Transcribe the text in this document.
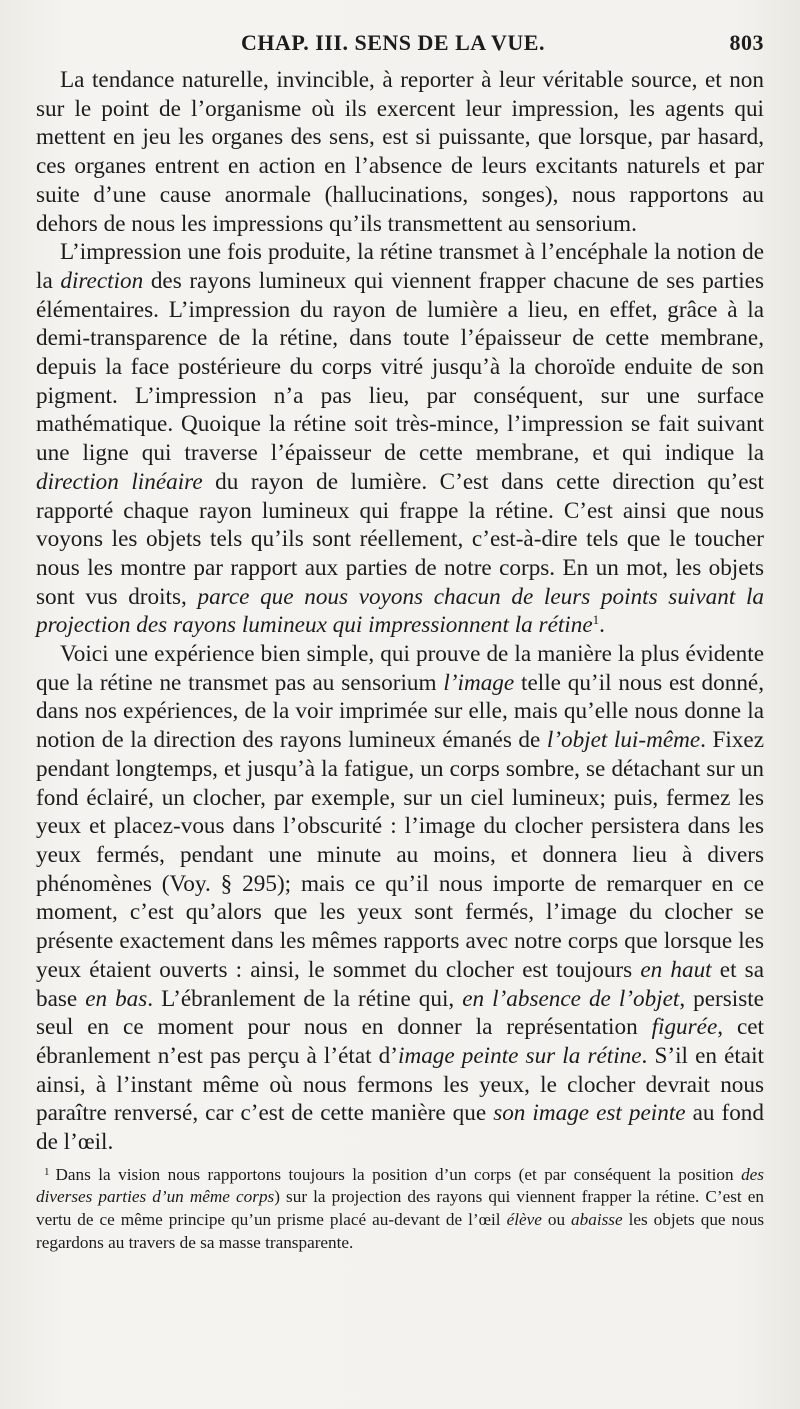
CHAP. III. SENS DE LA VUE.	803

La tendance naturelle, invincible, à reporter à leur véritable source, et non sur le point de l’organisme où ils exercent leur impression, les agents qui mettent en jeu les organes des sens, est si puissante, que lorsque, par hasard, ces organes entrent en action en l’absence de leurs excitants naturels et par suite d’une cause anormale (hallucinations, songes), nous rapportons au dehors de nous les impressions qu’ils transmettent au sensorium.

L’impression une fois produite, la rétine transmet à l’encéphale la notion de la direction des rayons lumineux qui viennent frapper chacune de ses parties élémentaires. L’impression du rayon de lumière a lieu, en effet, grâce à la demi-transparence de la rétine, dans toute l’épaisseur de cette membrane, depuis la face postérieure du corps vitré jusqu’à la choroïde enduite de son pigment. L’impression n’a pas lieu, par conséquent, sur une surface mathématique. Quoique la rétine soit très-mince, l’impression se fait suivant une ligne qui traverse l’épaisseur de cette membrane, et qui indique la direction linéaire du rayon de lumière. C’est dans cette direction qu’est rapporté chaque rayon lumineux qui frappe la rétine. C’est ainsi que nous voyons les objets tels qu’ils sont réellement, c’est-à-dire tels que le toucher nous les montre par rapport aux parties de notre corps. En un mot, les objets sont vus droits, parce que nous voyons chacun de leurs points suivant la projection des rayons lumineux qui impressionnent la rétine$^1$.

Voici une expérience bien simple, qui prouve de la manière la plus évidente que la rétine ne transmet pas au sensorium l’image telle qu’il nous est donné, dans nos expériences, de la voir imprimée sur elle, mais qu’elle nous donne la notion de la direction des rayons lumineux émanés de l’objet lui-même. Fixez pendant longtemps, et jusqu’à la fatigue, un corps sombre, se détachant sur un fond éclairé, un clocher, par exemple, sur un ciel lumineux; puis, fermez les yeux et placez-vous dans l’obscurité : l’image du clocher persistera dans les yeux fermés, pendant une minute au moins, et donnera lieu à divers phénomènes (Voy. § 295); mais ce qu’il nous importe de remarquer en ce moment, c’est qu’alors que les yeux sont fermés, l’image du clocher se présente exactement dans les mêmes rapports avec notre corps que lorsque les yeux étaient ouverts : ainsi, le sommet du clocher est toujours en haut et sa base en bas. L’ébranlement de la rétine qui, en l’absence de l’objet, persiste seul en ce moment pour nous en donner la représentation figurée, cet ébranlement n’est pas perçu à l’état d’image peinte sur la rétine. S’il en était ainsi, à l’instant même où nous fermons les yeux, le clocher devrait nous paraître renversé, car c’est de cette manière que son image est peinte au fond de l’œil.

$^1$ Dans la vision nous rapportons toujours la position d’un corps (et par conséquent la position des diverses parties d’un même corps) sur la projection des rayons qui viennent frapper la rétine. C’est en vertu de ce même principe qu’un prisme placé au-devant de l’œil élève ou abaisse les objets que nous regardons au travers de sa masse transparente.
